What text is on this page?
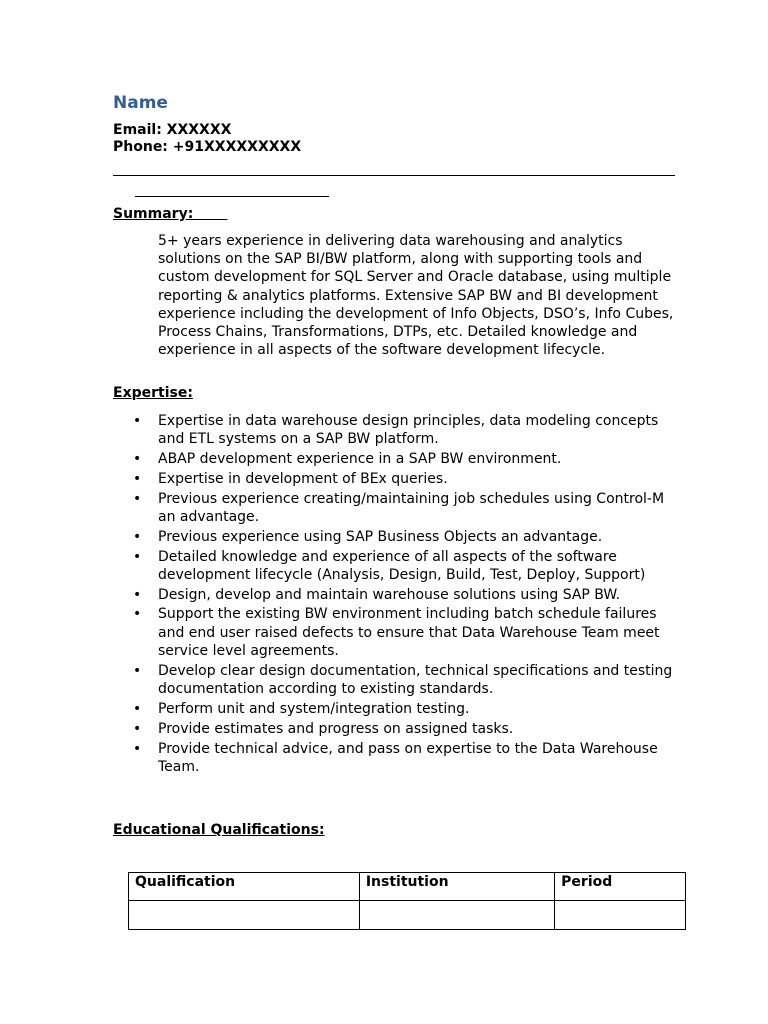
Name
Email: XXXXXX
Phone: +91XXXXXXXXX
Summary:
5+ years experience in delivering data warehousing and analytics solutions on the SAP BI/BW platform, along with supporting tools and custom development for SQL Server and Oracle database, using multiple reporting & analytics platforms. Extensive SAP BW and BI development experience including the development of Info Objects, DSO’s, Info Cubes, Process Chains, Transformations, DTPs, etc. Detailed knowledge and experience in all aspects of the software development lifecycle.
Expertise:
• Expertise in data warehouse design principles, data modeling concepts and ETL systems on a SAP BW platform.
• ABAP development experience in a SAP BW environment.
• Expertise in development of BEx queries.
• Previous experience creating/maintaining job schedules using Control-M an advantage.
• Previous experience using SAP Business Objects an advantage.
• Detailed knowledge and experience of all aspects of the software development lifecycle (Analysis, Design, Build, Test, Deploy, Support)
• Design, develop and maintain warehouse solutions using SAP BW.
• Support the existing BW environment including batch schedule failures and end user raised defects to ensure that Data Warehouse Team meet service level agreements.
• Develop clear design documentation, technical specifications and testing documentation according to existing standards.
• Perform unit and system/integration testing.
• Provide estimates and progress on assigned tasks.
• Provide technical advice, and pass on expertise to the Data Warehouse Team.
Educational Qualifications:
Qualification	Institution	Period
